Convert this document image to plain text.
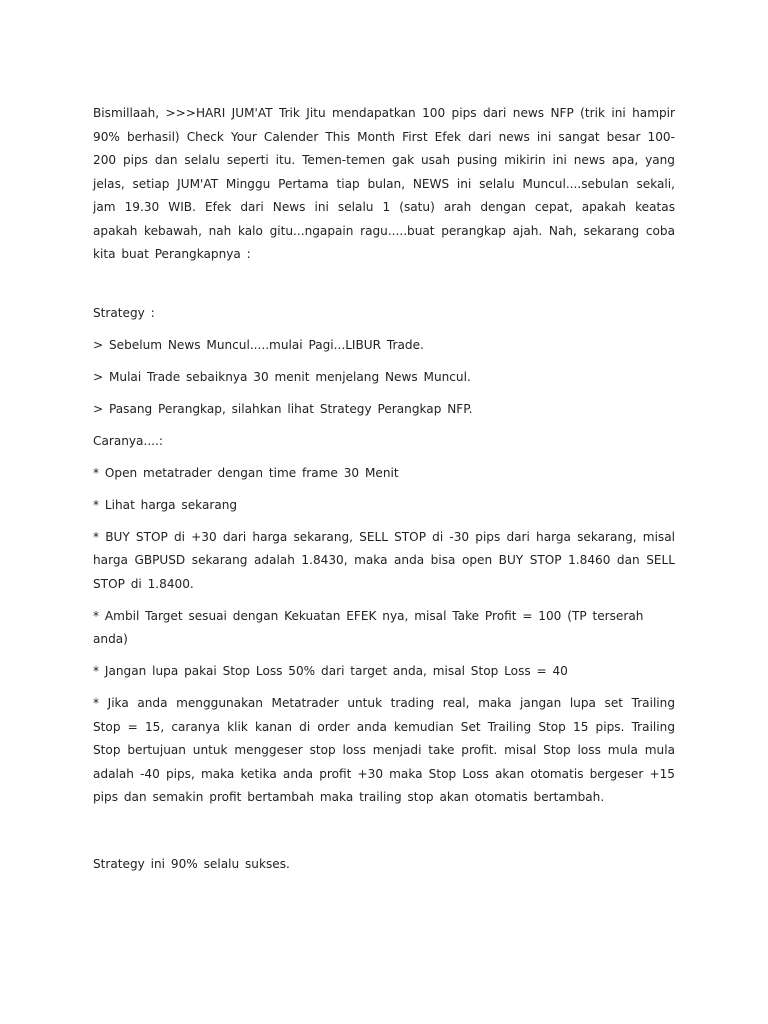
Bismillaah, >>>HARI JUM'AT Trik Jitu mendapatkan 100 pips dari news NFP (trik ini hampir 90% berhasil) Check Your Calender This Month First Efek dari news ini sangat besar 100-200 pips dan selalu seperti itu. Temen-temen gak usah pusing mikirin ini news apa, yang jelas, setiap JUM'AT Minggu Pertama tiap bulan, NEWS ini selalu Muncul....sebulan sekali, jam 19.30 WIB. Efek dari News ini selalu 1 (satu) arah dengan cepat, apakah keatas apakah kebawah, nah kalo gitu...ngapain ragu.....buat perangkap ajah. Nah, sekarang coba kita buat Perangkapnya :

Strategy :

> Sebelum News Muncul.....mulai Pagi...LIBUR Trade.

> Mulai Trade sebaiknya 30 menit menjelang News Muncul.

> Pasang Perangkap, silahkan lihat Strategy Perangkap NFP.

Caranya....:

* Open metatrader dengan time frame 30 Menit

* Lihat harga sekarang

* BUY STOP di +30 dari harga sekarang, SELL STOP di -30 pips dari harga sekarang, misal harga GBPUSD sekarang adalah 1.8430, maka anda bisa open BUY STOP 1.8460 dan SELL STOP di 1.8400.

* Ambil Target sesuai dengan Kekuatan EFEK nya, misal Take Profit = 100 (TP terserah anda)

* Jangan lupa pakai Stop Loss 50% dari target anda, misal Stop Loss = 40

* Jika anda menggunakan Metatrader untuk trading real, maka jangan lupa set Trailing Stop = 15, caranya klik kanan di order anda kemudian Set Trailing Stop 15 pips. Trailing Stop bertujuan untuk menggeser stop loss menjadi take profit. misal Stop loss mula mula adalah -40 pips, maka ketika anda profit +30 maka Stop Loss akan otomatis bergeser +15 pips dan semakin profit bertambah maka trailing stop akan otomatis bertambah.

Strategy ini 90% selalu sukses.
